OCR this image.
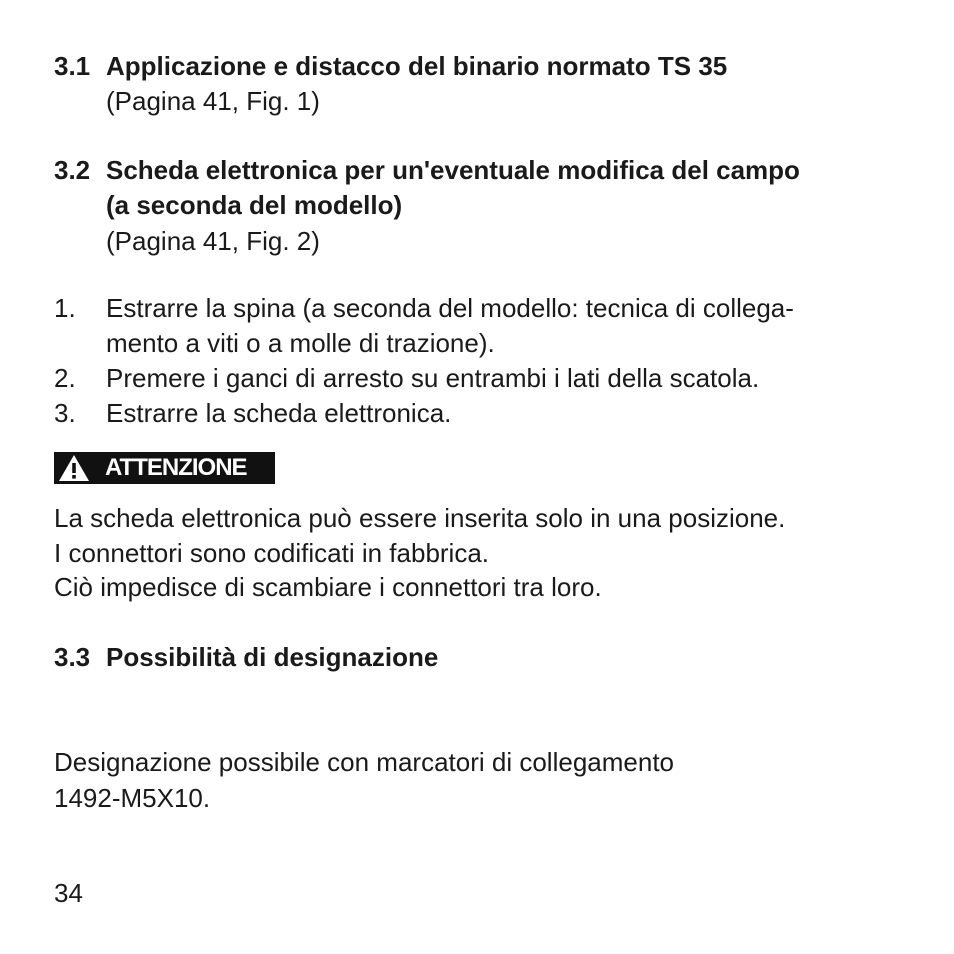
3.1 Applicazione e distacco del binario normato TS 35
(Pagina 41, Fig. 1)
3.2 Scheda elettronica per un'eventuale modifica del campo
(a seconda del modello)
(Pagina 41, Fig. 2)
1. Estrarre la spina (a seconda del modello: tecnica di collega-
mento a viti o a molle di trazione).
2. Premere i ganci di arresto su entrambi i lati della scatola.
3. Estrarre la scheda elettronica.
ATTENZIONE
La scheda elettronica può essere inserita solo in una posizione.
I connettori sono codificati in fabbrica.
Ciò impedisce di scambiare i connettori tra loro.
3.3 Possibilità di designazione
Designazione possibile con marcatori di collegamento
1492-M5X10.
34
